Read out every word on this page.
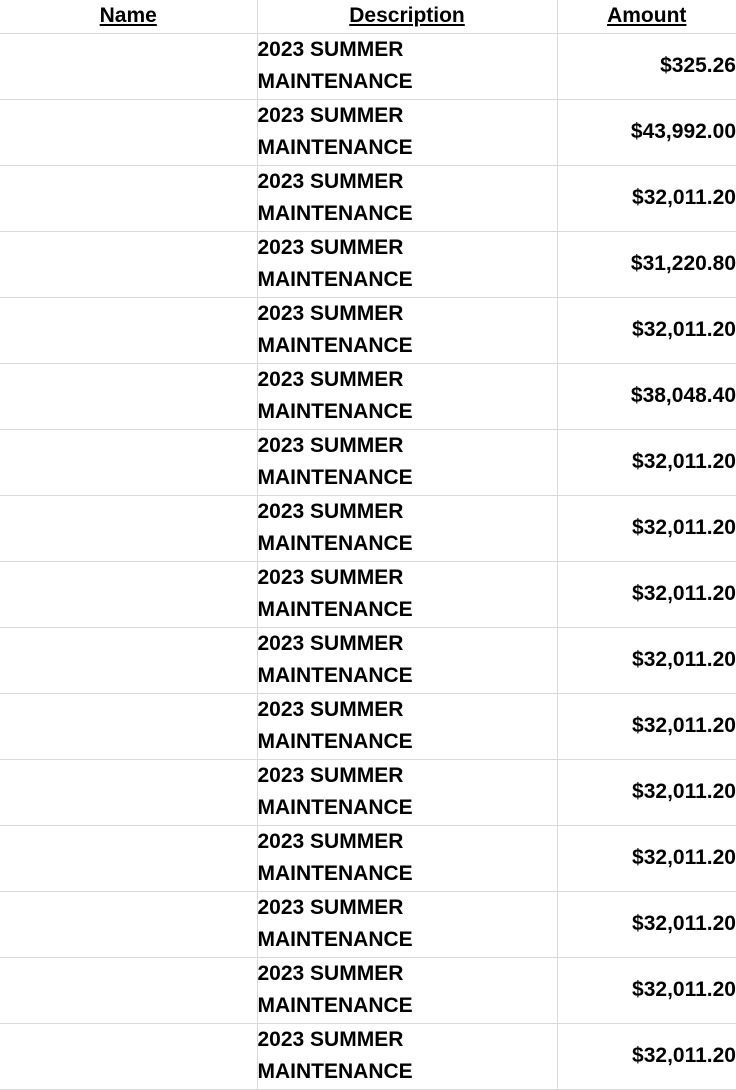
Name	Description	Amount

	2023 SUMMER
MAINTENANCE	$325.26

	2023 SUMMER
MAINTENANCE	$43,992.00

	2023 SUMMER
MAINTENANCE	$32,011.20

	2023 SUMMER
MAINTENANCE	$31,220.80

	2023 SUMMER
MAINTENANCE	$32,011.20

	2023 SUMMER
MAINTENANCE	$38,048.40

	2023 SUMMER
MAINTENANCE	$32,011.20

	2023 SUMMER
MAINTENANCE	$32,011.20

	2023 SUMMER
MAINTENANCE	$32,011.20

	2023 SUMMER
MAINTENANCE	$32,011.20

	2023 SUMMER
MAINTENANCE	$32,011.20

	2023 SUMMER
MAINTENANCE	$32,011.20

	2023 SUMMER
MAINTENANCE	$32,011.20

	2023 SUMMER
MAINTENANCE	$32,011.20

	2023 SUMMER
MAINTENANCE	$32,011.20

	2023 SUMMER
MAINTENANCE	$32,011.20
